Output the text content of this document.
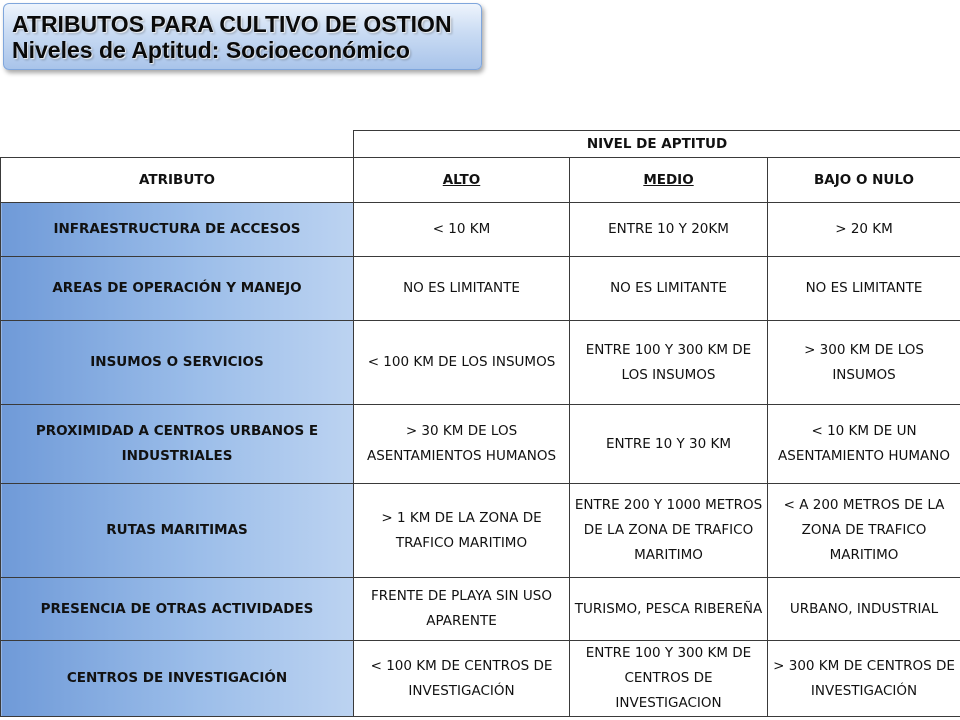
ATRIBUTOS PARA CULTIVO DE OSTION
Niveles de Aptitud: Socioeconómico
	NIVEL DE APTITUD		
ATRIBUTO	ALTO	MEDIO	BAJO O NULO
INFRAESTRUCTURA DE ACCESOS	< 10 KM	ENTRE 10 Y 20KM	> 20 KM
AREAS DE OPERACIÓN Y MANEJO	NO ES LIMITANTE	NO ES LIMITANTE	NO ES LIMITANTE
INSUMOS O SERVICIOS	< 100 KM DE LOS INSUMOS	ENTRE 100 Y 300 KM DE LOS INSUMOS	> 300 KM DE LOS INSUMOS
PROXIMIDAD A CENTROS URBANOS E INDUSTRIALES	> 30 KM DE LOS ASENTAMIENTOS HUMANOS	ENTRE 10 Y 30 KM	< 10 KM DE UN ASENTAMIENTO HUMANO
RUTAS MARITIMAS	> 1 KM DE LA ZONA DE TRAFICO MARITIMO	ENTRE 200 Y 1000 METROS DE LA ZONA DE TRAFICO MARITIMO	< A 200 METROS DE LA ZONA DE TRAFICO MARITIMO
PRESENCIA DE OTRAS ACTIVIDADES	FRENTE DE PLAYA SIN USO APARENTE	TURISMO, PESCA RIBEREÑA	URBANO, INDUSTRIAL
CENTROS DE INVESTIGACIÓN	< 100 KM DE CENTROS DE INVESTIGACIÓN	ENTRE 100 Y 300 KM DE CENTROS DE INVESTIGACION	> 300 KM DE CENTROS DE INVESTIGACIÓN
